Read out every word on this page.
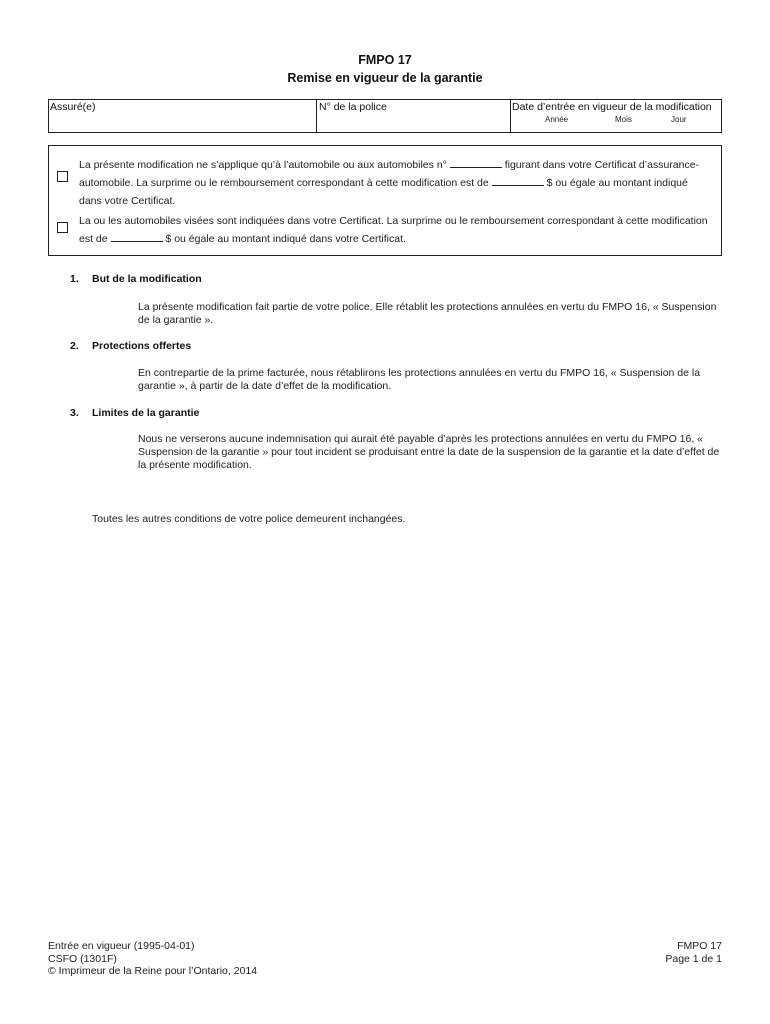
FMPO 17
Remise en vigueur de la garantie
Assuré(e)	N° de la police	Date d’entrée en vigueur de la modification
Année	Mois	Jour
La présente modification ne s’applique qu’à l’automobile ou aux automobiles n°	figurant dans votre Certificat d’assurance-automobile. La surprime ou le remboursement correspondant à cette modification est de	$ ou égale au montant indiqué dans votre Certificat.
La ou les automobiles visées sont indiquées dans votre Certificat. La surprime ou le remboursement correspondant à cette modification est de	$ ou égale au montant indiqué dans votre Certificat.
1. But de la modification
La présente modification fait partie de votre police. Elle rétablit les protections annulées en vertu du FMPO 16, « Suspension de la garantie ».
2. Protections offertes
En contrepartie de la prime facturée, nous rétablirons les protections annulées en vertu du FMPO 16, « Suspension de la garantie », à partir de la date d’effet de la modification.
3. Limites de la garantie
Nous ne verserons aucune indemnisation qui aurait été payable d’après les protections annulées en vertu du FMPO 16, « Suspension de la garantie » pour tout incident se produisant entre la date de la suspension de la garantie et la date d’effet de la présente modification.
Toutes les autres conditions de votre police demeurent inchangées.
Entrée en vigueur (1995-04-01)
CSFO (1301F)
© Imprimeur de la Reine pour l’Ontario, 2014
FMPO 17
Page 1 de 1
